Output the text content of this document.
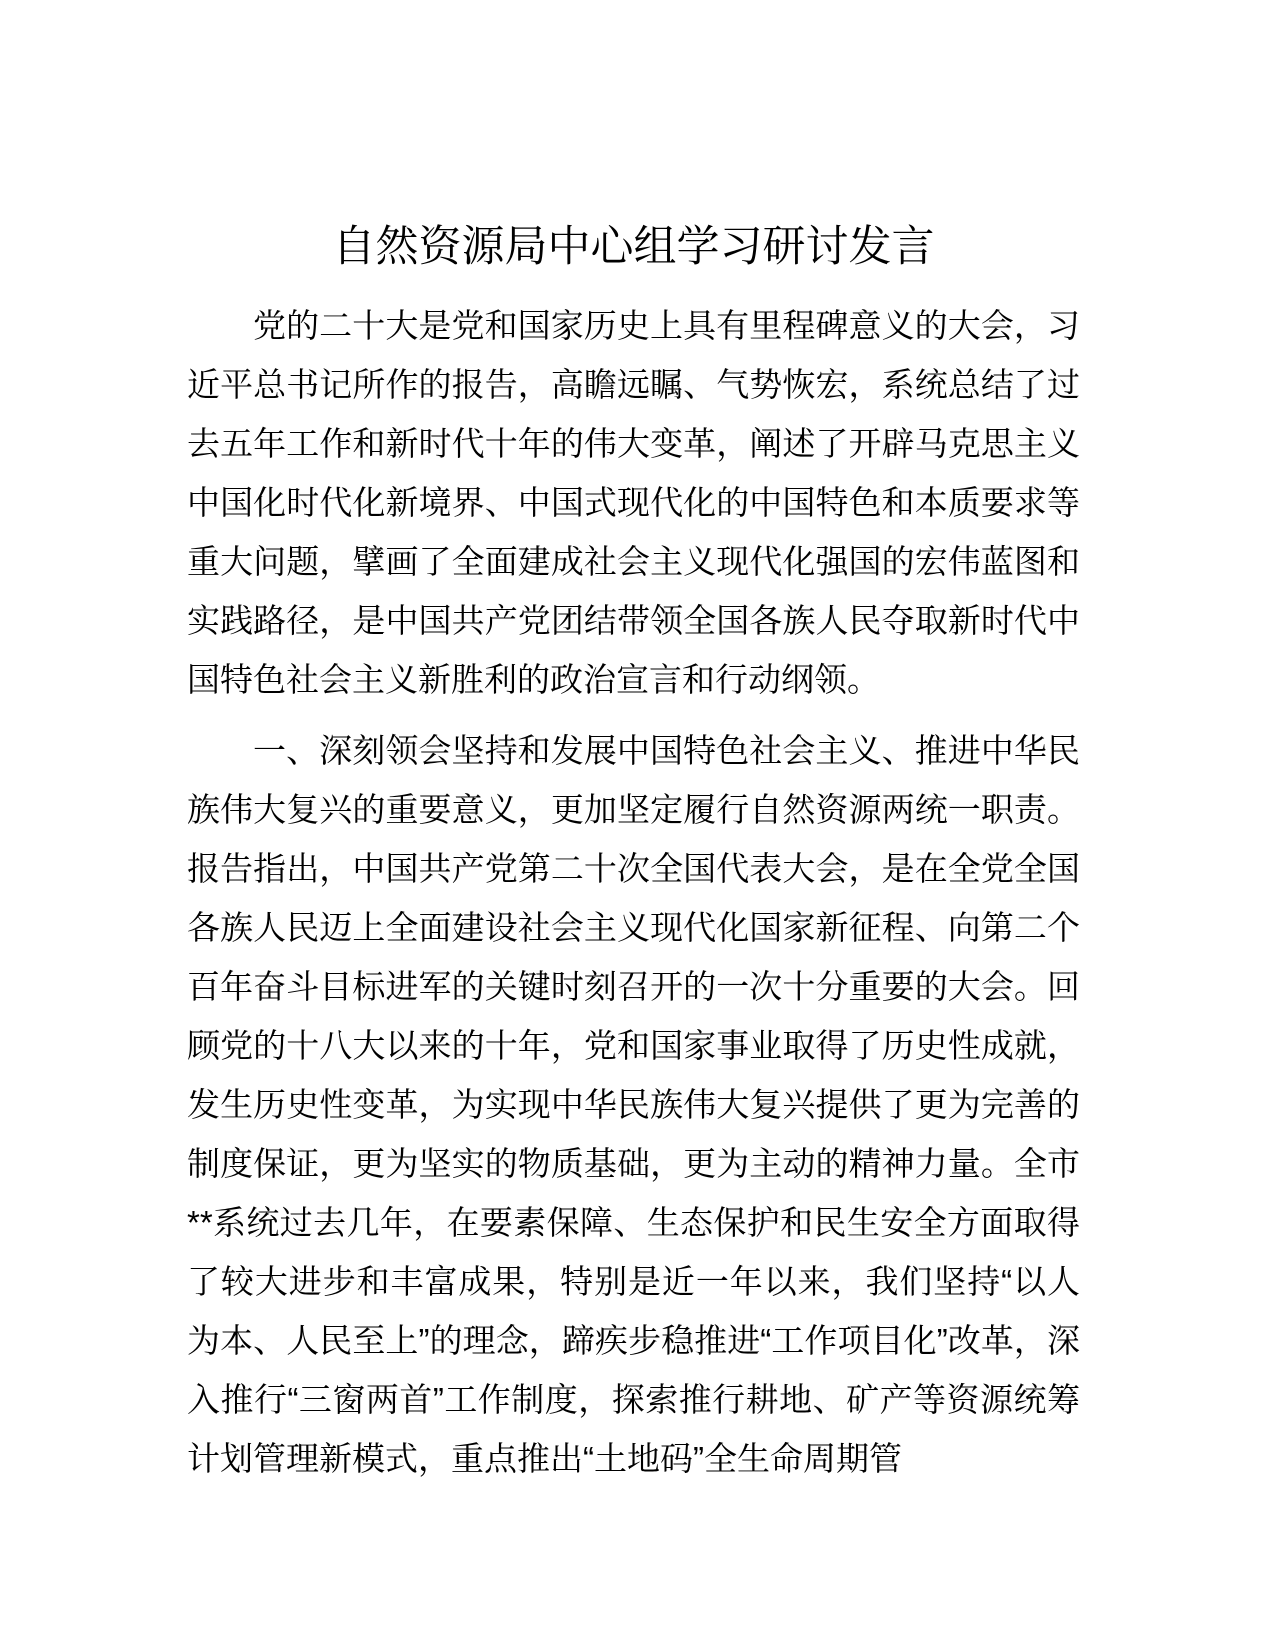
自然资源局中心组学习研讨发言

党的二十大是党和国家历史上具有里程碑意义的大会，习近平总书记所作的报告，高瞻远瞩、气势恢宏，系统总结了过去五年工作和新时代十年的伟大变革，阐述了开辟马克思主义中国化时代化新境界、中国式现代化的中国特色和本质要求等重大问题，擘画了全面建成社会主义现代化强国的宏伟蓝图和实践路径，是中国共产党团结带领全国各族人民夺取新时代中国特色社会主义新胜利的政治宣言和行动纲领。

一、深刻领会坚持和发展中国特色社会主义、推进中华民族伟大复兴的重要意义，更加坚定履行自然资源两统一职责。报告指出，中国共产党第二十次全国代表大会，是在全党全国各族人民迈上全面建设社会主义现代化国家新征程、向第二个百年奋斗目标进军的关键时刻召开的一次十分重要的大会。回顾党的十八大以来的十年，党和国家事业取得了历史性成就，发生历史性变革，为实现中华民族伟大复兴提供了更为完善的制度保证，更为坚实的物质基础，更为主动的精神力量。全市**系统过去几年，在要素保障、生态保护和民生安全方面取得了较大进步和丰富成果，特别是近一年以来，我们坚持“以人为本、人民至上”的理念，蹄疾步稳推进“工作项目化”改革，深入推行“三窗两首”工作制度，探索推行耕地、矿产等资源统筹计划管理新模式，重点推出“土地码”全生命周期管
